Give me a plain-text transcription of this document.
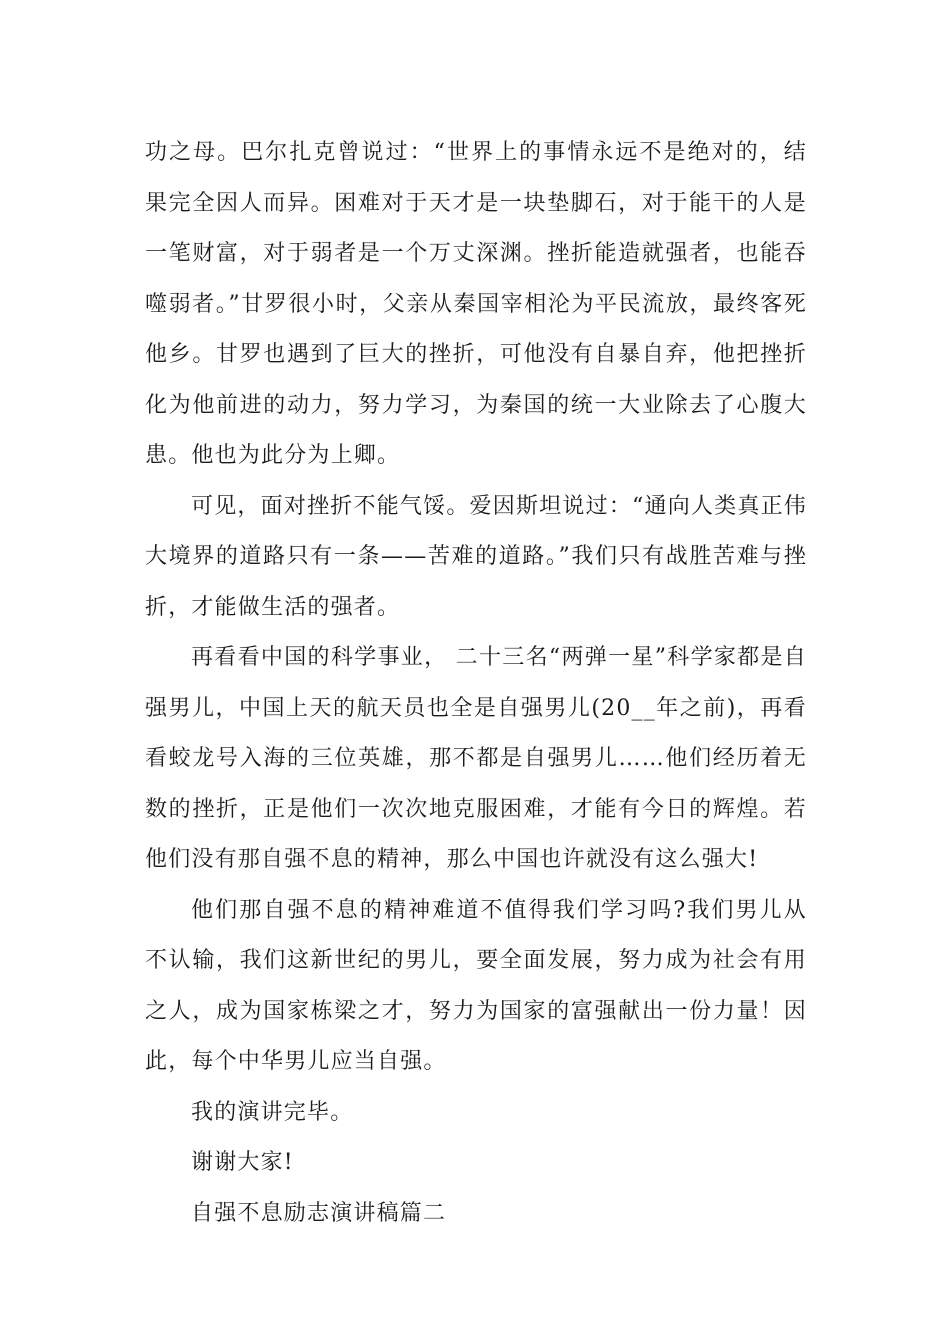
功之母。巴尔扎克曾说过：“世界上的事情永远不是绝对的，结果完全因人而异。困难对于天才是一块垫脚石，对于能干的人是一笔财富，对于弱者是一个万丈深渊。挫折能造就强者，也能吞噬弱者。”甘罗很小时，父亲从秦国宰相沦为平民流放，最终客死他乡。甘罗也遇到了巨大的挫折，可他没有自暴自弃，他把挫折化为他前进的动力，努力学习，为秦国的统一大业除去了心腹大患。他也为此分为上卿。

可见，面对挫折不能气馁。爱因斯坦说过：“通向人类真正伟大境界的道路只有一条——苦难的道路。”我们只有战胜苦难与挫折，才能做生活的强者。

再看看中国的科学事业， 二十三名“两弹一星”科学家都是自强男儿，中国上天的航天员也全是自强男儿(20__年之前)，再看看蛟龙号入海的三位英雄，那不都是自强男儿……他们经历着无数的挫折，正是他们一次次地克服困难，才能有今日的辉煌。若他们没有那自强不息的精神，那么中国也许就没有这么强大!

他们那自强不息的精神难道不值得我们学习吗?我们男儿从不认输，我们这新世纪的男儿，要全面发展，努力成为社会有用之人，成为国家栋梁之才，努力为国家的富强献出一份力量！因此，每个中华男儿应当自强。

我的演讲完毕。

谢谢大家!

自强不息励志演讲稿篇二
